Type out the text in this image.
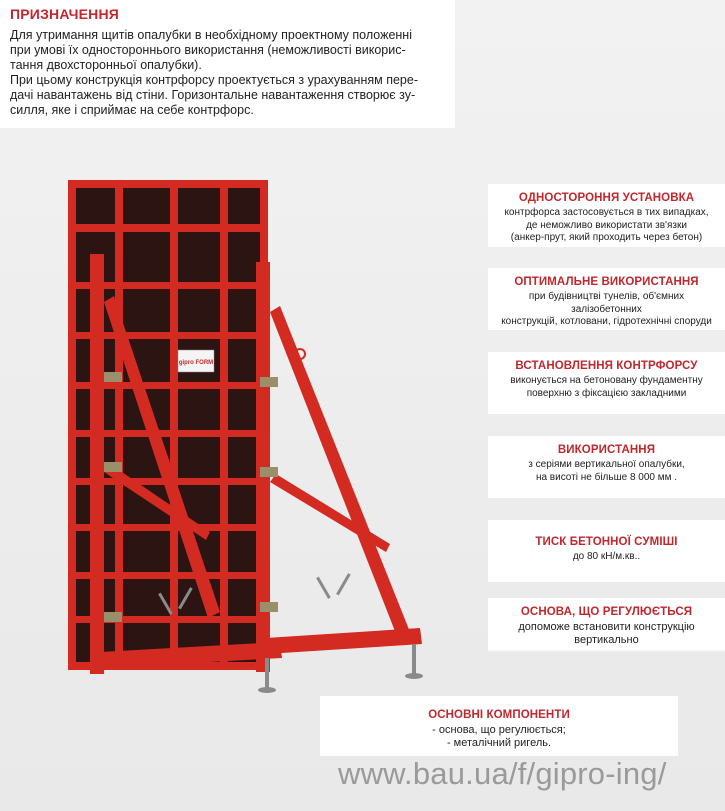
ПРИЗНАЧЕННЯ

Для утримання щитів опалубки в необхідному проектному положенні
при умові їх одностороннього використання (неможливості викорис-
тання двохсторонньої опалубки).
При цьому конструкція контрфорсу проектується з урахуванням пере-
дачі навантажень від стіни. Горизонтальне навантаження створює зу-
силля, яке і сприймає на себе контрфорс.

gipro FORM
ОДНОСТОРОННЯ УСТАНОВКА
контрфорса застосовується в тих випадках,
де неможливо використати зв'язки
(анкер-прут, який проходить через бетон)
ОПТИМАЛЬНЕ ВИКОРИСТАННЯ
при будівництві тунелів, об'ємних залізобетонних
конструкцій, котловани, гідротехнічні споруди
ВСТАНОВЛЕННЯ КОНТРФОРСУ
виконується на бетоновану фундаментну
поверхню з фіксацією закладними
ВИКОРИСТАННЯ
з серіями вертикальної опалубки,
на висоті не більше 8 000 мм .
ТИСК БЕТОННОЇ СУМІШІ
до 80 кН/м.кв..
ОСНОВА, ЩО РЕГУЛЮЄТЬСЯ
допоможе встановити конструкцію
вертикально
ОСНОВНІ КОМПОНЕНТИ
- основа, що регулюється;
- металічний ригель.
www.bau.ua/f/gipro-ing/
